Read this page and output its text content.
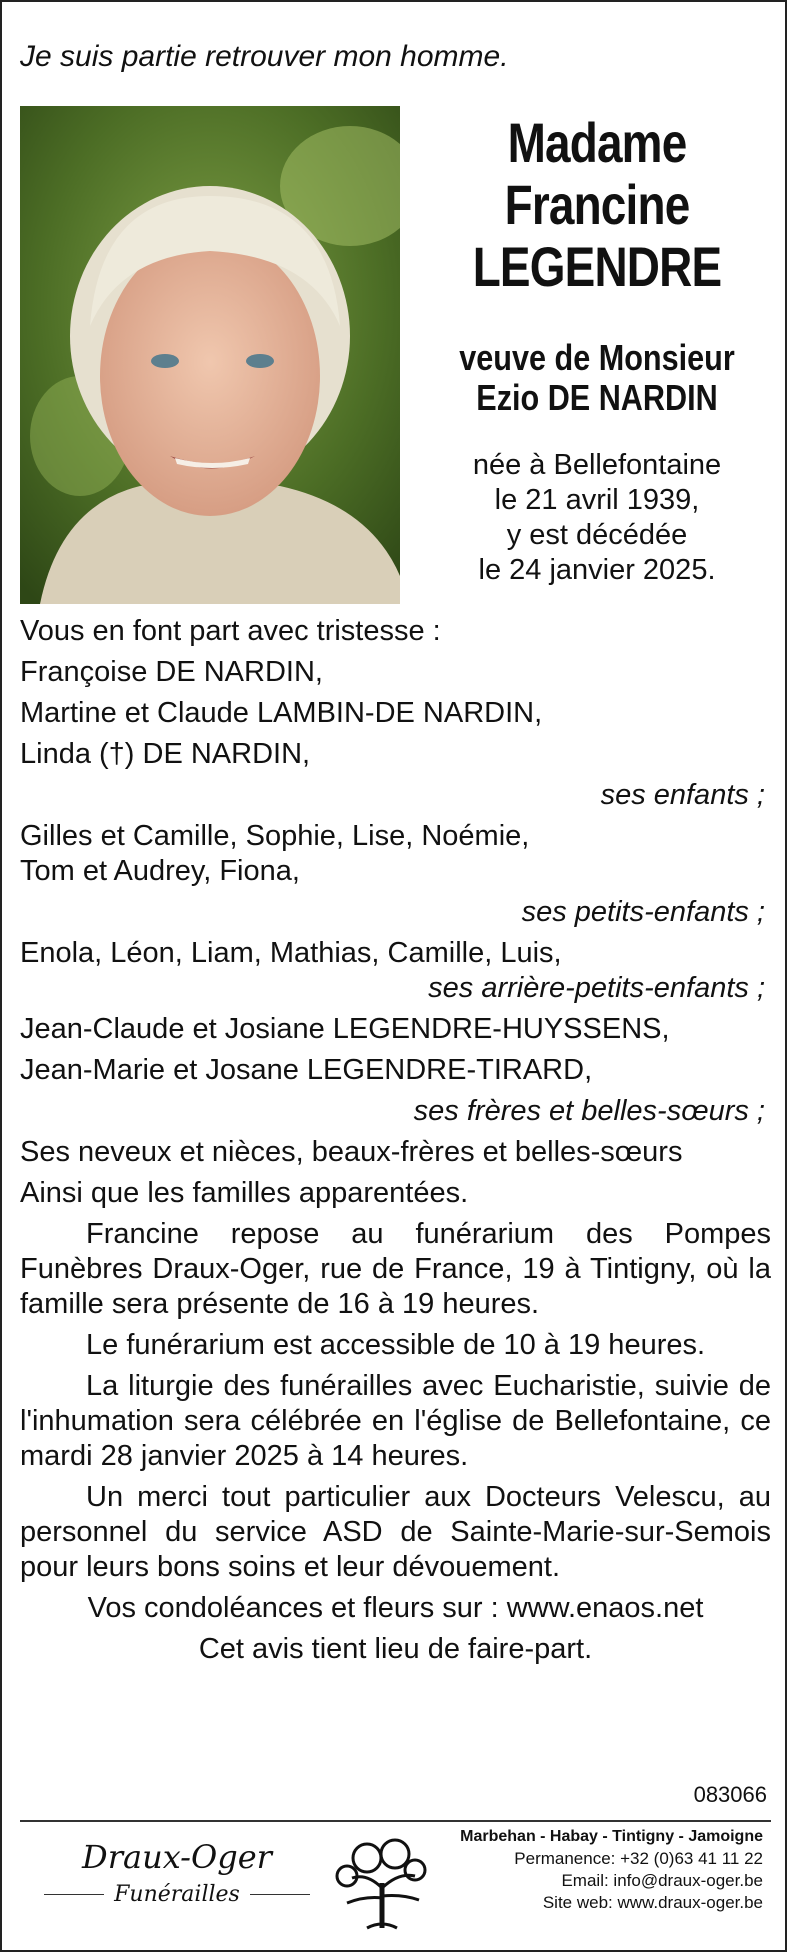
Je suis partie retrouver mon homme.
Madame
Francine
LEGENDRE
veuve de Monsieur
Ezio DE NARDIN
née à Bellefontaine
le 21 avril 1939,
y est décédée
le 24 janvier 2025.
Vous en font part avec tristesse :
Françoise DE NARDIN,
Martine et Claude LAMBIN-DE NARDIN,
Linda (†) DE NARDIN,
ses enfants ;
Gilles et Camille, Sophie, Lise, Noémie,
Tom et Audrey, Fiona,
ses petits-enfants ;
Enola, Léon, Liam, Mathias, Camille, Luis,
ses arrière-petits-enfants ;
Jean-Claude et Josiane LEGENDRE-HUYSSENS,
Jean-Marie et Josane LEGENDRE-TIRARD,
ses frères et belles-sœurs ;
Ses neveux et nièces, beaux-frères et belles-sœurs
Ainsi que les familles apparentées.
Francine repose au funérarium des Pompes Funèbres Draux-Oger, rue de France, 19 à Tintigny, où la famille sera présente de 16 à 19 heures.
Le funérarium est accessible de 10 à 19 heures.
La liturgie des funérailles avec Eucharistie, suivie de l'inhumation sera célébrée en l'église de Bellefontaine, ce mardi 28 janvier 2025 à 14 heures.
Un merci tout particulier aux Docteurs Velescu, au personnel du service ASD de Sainte-Marie-sur-Semois pour leurs bons soins et leur dévouement.
Vos condoléances et fleurs sur : www.enaos.net
Cet avis tient lieu de faire-part.
083066
Draux-Oger
Funérailles
Marbehan - Habay - Tintigny - Jamoigne
Permanence: +32 (0)63 41 11 22
Email: info@draux-oger.be
Site web: www.draux-oger.be
